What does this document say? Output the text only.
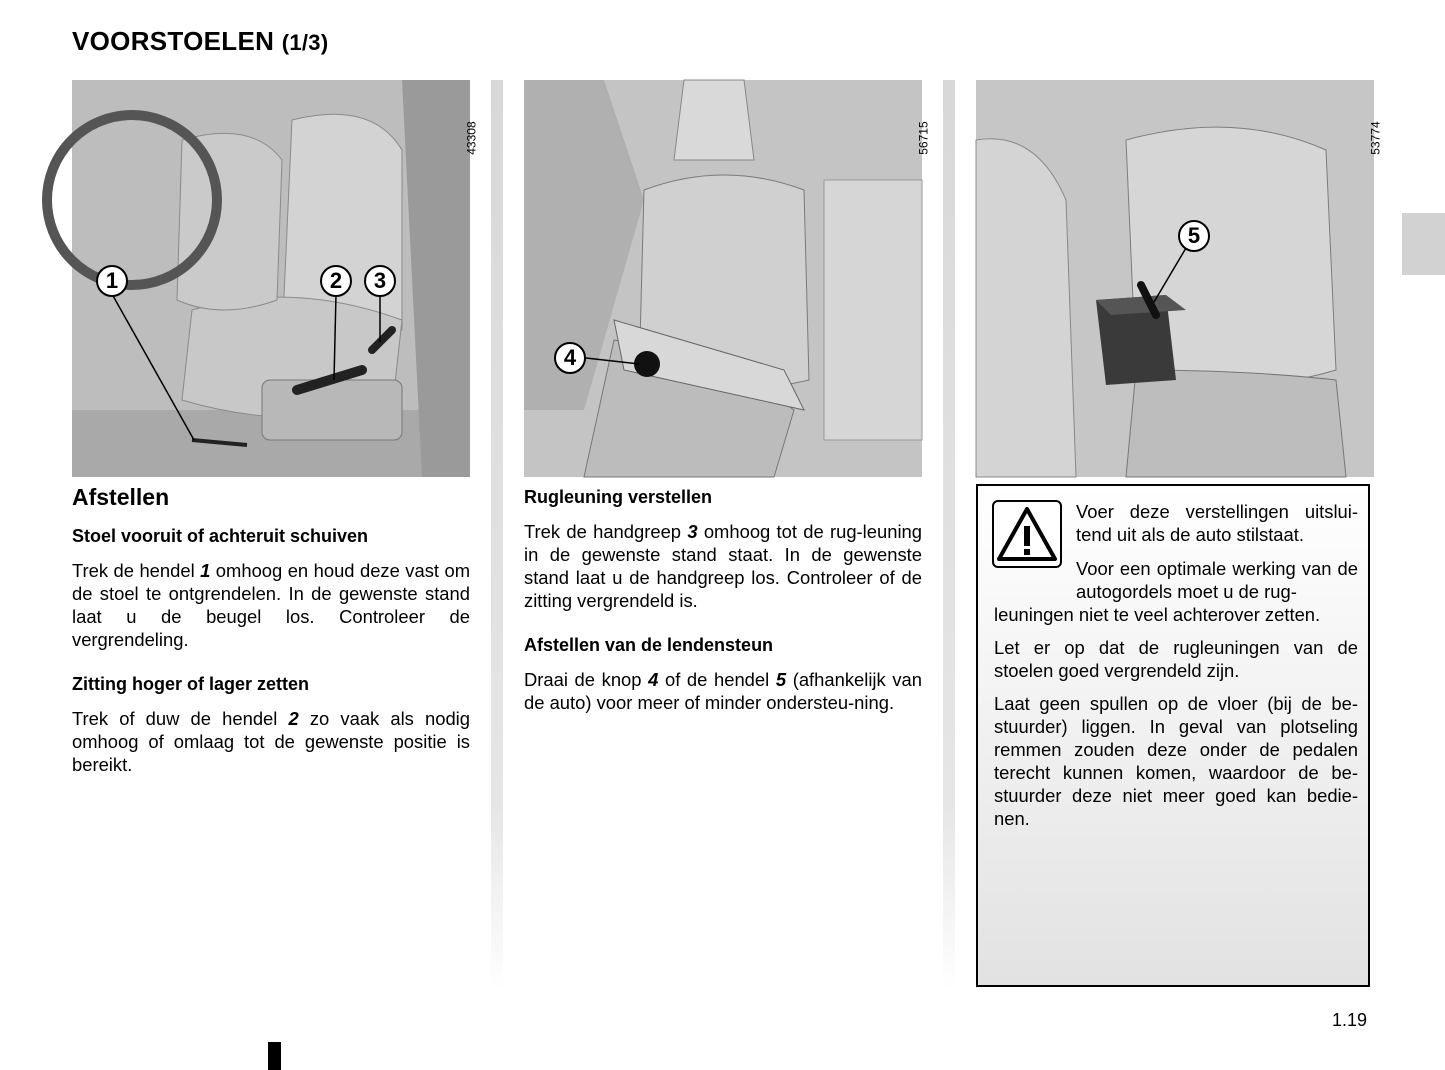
VOORSTOELEN (1/3)
43308
1	2	3
56715
4
53774
5
Afstellen
Stoel vooruit of achteruit schuiven

Trek de hendel 1 omhoog en houd deze vast om de stoel te ontgrendelen. In de gewenste stand laat u de beugel los. Controleer de vergrendeling.

Zitting hoger of lager zetten

Trek of duw de hendel 2 zo vaak als nodig omhoog of omlaag tot de gewenste positie is bereikt.

Rugleuning verstellen

Trek de handgreep 3 omhoog tot de rug-leuning in de gewenste stand staat. In de gewenste stand laat u de handgreep los. Controleer of de zitting vergrendeld is.

Afstellen van de lendensteun

Draai de knop 4 of de hendel 5 (afhankelijk van de auto) voor meer of minder ondersteu-ning.

Voer deze verstellingen uitslui-tend uit als de auto stilstaat.

Voor een optimale werking van de autogordels moet u de rug-

leuningen niet te veel achterover zetten.

Let er op dat de rugleuningen van de stoelen goed vergrendeld zijn.

Laat geen spullen op de vloer (bij de be-stuurder) liggen. In geval van plotseling remmen zouden deze onder de pedalen terecht kunnen komen, waardoor de be-stuurder deze niet meer goed kan bedie-nen.

1.19
